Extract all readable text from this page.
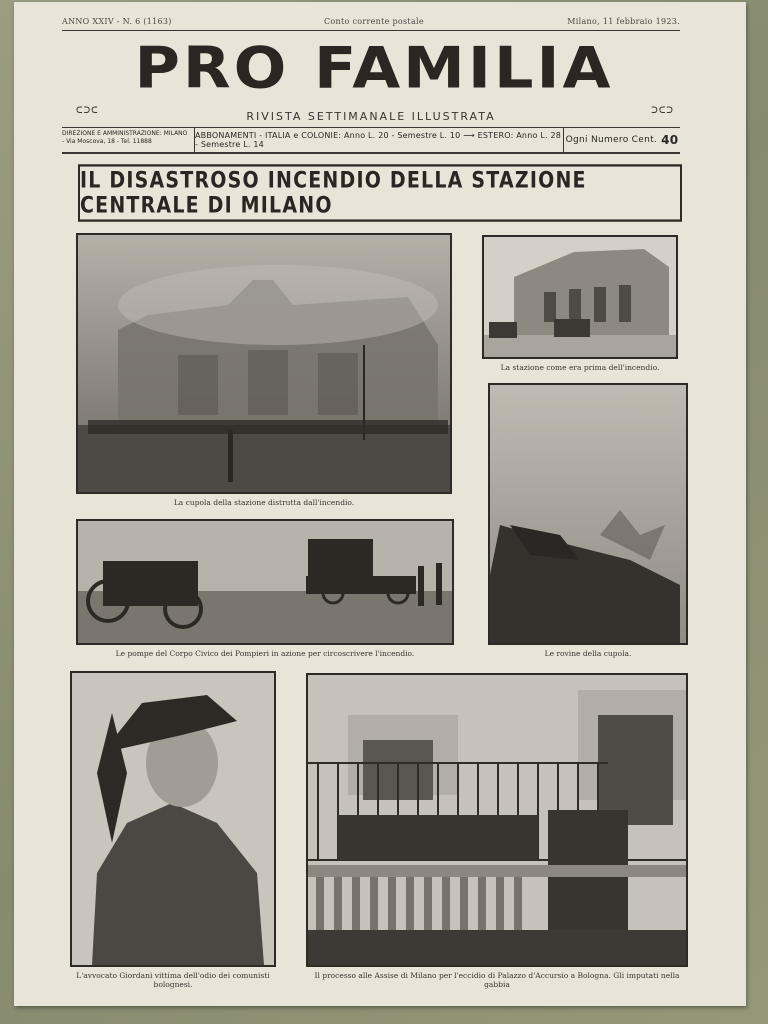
ANNO XXIV - N. 6 (1163)	Conto corrente postale	Milano, 11 febbraio 1923.
PRO FAMILIA
ᑕᑐᑕ	RIVISTA SETTIMANALE ILLUSTRATA	ᑐᑕᑐ
DIREZIONE E AMMINISTRAZIONE: MILANO - Via Moscova, 18 - Tel. 11888
ABBONAMENTI - ITALIA e COLONIE: Anno L. 20 - Semestre L. 10 ⟶ ESTERO: Anno L. 28 - Semestre L. 14	Ogni Numero Cent. 40
IL DISASTROSO INCENDIO DELLA STAZIONE CENTRALE DI MILANO
La cupola della stazione distrutta dall'incendio.
La stazione come era prima dell'incendio.
Le rovine della cupola.
Le pompe del Corpo Civico dei Pompieri in azione per circoscrivere l'incendio.
L'avvocato Giordani vittima dell'odio dei comunisti bolognesi.
Il processo alle Assise di Milano per l'eccidio di Palazzo d'Accursio a Bologna. Gli imputati nella gabbia
